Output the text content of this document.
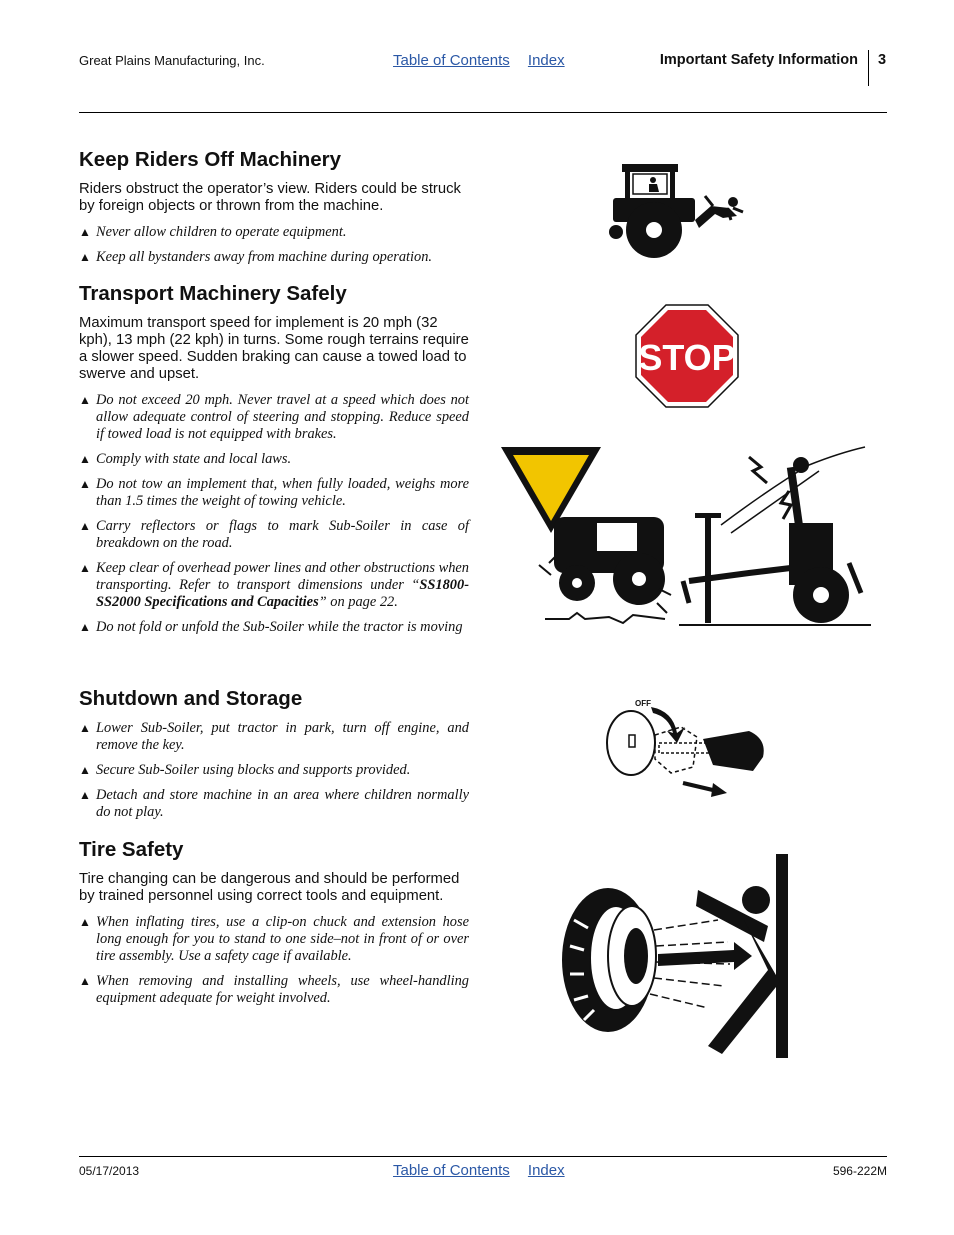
Great Plains Manufacturing, Inc.	Table of Contents Index	Important Safety Information 3
Keep Riders Off Machinery

Riders obstruct the operator’s view. Riders could be struck by foreign objects or thrown from the machine.

▲ Never allow children to operate equipment.
▲ Keep all bystanders away from machine during operation.
Transport Machinery Safely

Maximum transport speed for implement is 20 mph (32 kph), 13 mph (22 kph) in turns. Some rough terrains require a slower speed. Sudden braking can cause a towed load to swerve and upset.

▲ Do not exceed 20 mph. Never travel at a speed which does not allow adequate control of steering and stopping. Reduce speed if towed load is not equipped with brakes.
▲ Comply with state and local laws.
▲ Do not tow an implement that, when fully loaded, weighs more than 1.5 times the weight of towing vehicle.
▲ Carry reflectors or flags to mark Sub-Soiler in case of breakdown on the road.
▲ Keep clear of overhead power lines and other obstructions when transporting. Refer to transport dimensions under “SS1800-SS2000 Specifications and Capacities” on page 22.
▲ Do not fold or unfold the Sub-Soiler while the tractor is moving
Shutdown and Storage
▲ Lower Sub-Soiler, put tractor in park, turn off engine, and remove the key.
▲ Secure Sub-Soiler using blocks and supports provided.
▲ Detach and store machine in an area where children normally do not play.
Tire Safety

Tire changing can be dangerous and should be performed by trained personnel using correct tools and equipment.

▲ When inflating tires, use a clip-on chuck and extension hose long enough for you to stand to one side–not in front of or over tire assembly. Use a safety cage if available.
▲ When removing and installing wheels, use wheel-handling equipment adequate for weight involved.
STOP
OFF
05/17/2013	Table of Contents Index	596-222M
